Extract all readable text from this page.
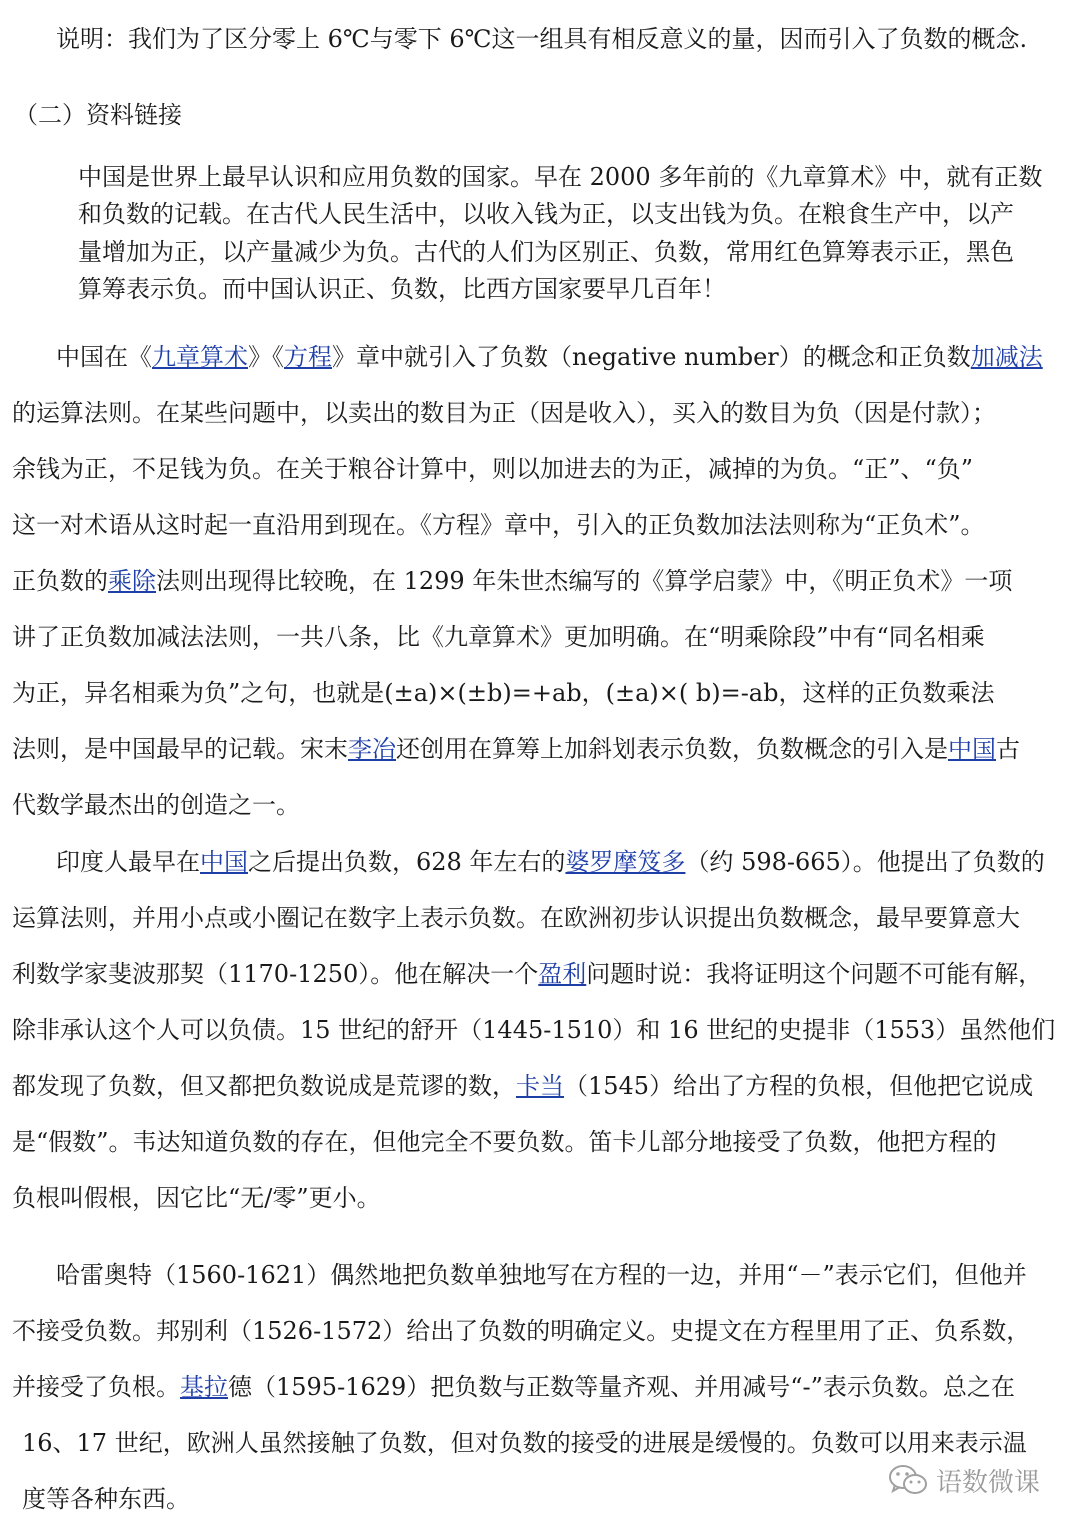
说明：我们为了区分零上 6℃与零下 6℃这一组具有相反意义的量，因而引入了负数的概念.
（二）资料链接
中国是世界上最早认识和应用负数的国家。早在 2000 多年前的《九章算术》中，就有正数
和负数的记载。在古代人民生活中，以收入钱为正，以支出钱为负。在粮食生产中，以产
量增加为正，以产量减少为负。古代的人们为区别正、负数，常用红色算筹表示正，黑色
算筹表示负。而中国认识正、负数，比西方国家要早几百年！
中国在《九章算术》《方程》章中就引入了负数（negative number）的概念和正负数加减法
的运算法则。在某些问题中，以卖出的数目为正（因是收入），买入的数目为负（因是付款）；
余钱为正，不足钱为负。在关于粮谷计算中，则以加进去的为正，减掉的为负。“正”、“负”
这一对术语从这时起一直沿用到现在。《方程》章中，引入的正负数加法法则称为“正负术”。
正负数的乘除法则出现得比较晚，在 1299 年朱世杰编写的《算学启蒙》中，《明正负术》一项
讲了正负数加减法法则，一共八条，比《九章算术》更加明确。在“明乘除段”中有“同名相乘
为正，异名相乘为负”之句，也就是(±a)×(±b)=+ab，(±a)×( b)=-ab，这样的正负数乘法
法则，是中国最早的记载。宋末李冶还创用在算筹上加斜划表示负数，负数概念的引入是中国古
代数学最杰出的创造之一。
印度人最早在中国之后提出负数，628 年左右的婆罗摩笈多（约 598-665）。他提出了负数的
运算法则，并用小点或小圈记在数字上表示负数。在欧洲初步认识提出负数概念，最早要算意大
利数学家斐波那契（1170-1250）。他在解决一个盈利问题时说：我将证明这个问题不可能有解，
除非承认这个人可以负债。15 世纪的舒开（1445-1510）和 16 世纪的史提非（1553）虽然他们
都发现了负数，但又都把负数说成是荒谬的数，卡当（1545）给出了方程的负根，但他把它说成
是“假数”。韦达知道负数的存在，但他完全不要负数。笛卡儿部分地接受了负数，他把方程的
负根叫假根，因它比“无/零”更小。
哈雷奥特（1560-1621）偶然地把负数单独地写在方程的一边，并用“－”表示它们，但他并
不接受负数。邦别利（1526-1572）给出了负数的明确定义。史提文在方程里用了正、负系数，
并接受了负根。基拉德（1595-1629）把负数与正数等量齐观、并用减号“-”表示负数。总之在
16、17 世纪，欧洲人虽然接触了负数，但对负数的接受的进展是缓慢的。负数可以用来表示温
度等各种东西。
语数微课
